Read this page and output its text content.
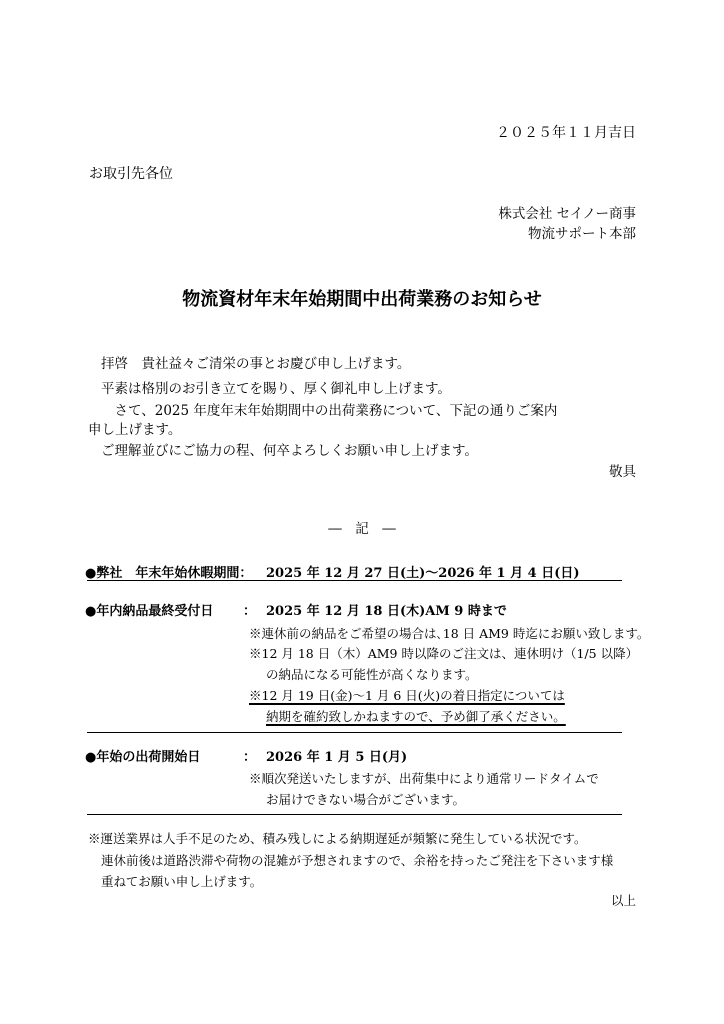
２０２５年１１月吉日
お取引先各位
株式会社 セイノー商事
物流サポート本部
物流資材年末年始期間中出荷業務のお知らせ
拝啓　貴社益々ご清栄の事とお慶び申し上げます。
平素は格別のお引き立てを賜り、厚く御礼申し上げます。
　さて、2025 年度年末年始期間中の出荷業務について、下記の通りご案内
申し上げます。
ご理解並びにご協力の程、何卒よろしくお願い申し上げます。
敬具
―　記　―
●弊社　年末年始休暇期間： 2025 年 12 月 27 日(土)～2026 年 1 月 4 日(日)
●年内納品最終受付日 ： 2025 年 12 月 18 日(木)AM 9 時まで
※連休前の納品をご希望の場合は､18 日 AM9 時迄にお願い致します。
※12 月 18 日（木）AM9 時以降のご注文は、連休明け（1/5 以降）
の納品になる可能性が高くなります。
※12 月 19 日(金)～1 月 6 日(火)の着日指定については
納期を確約致しかねますので、予め御了承ください。
●年始の出荷開始日	： 2026 年 1 月 5 日(月)
※順次発送いたしますが、出荷集中により通常リードタイムで
お届けできない場合がございます。
※運送業界は人手不足のため、積み残しによる納期遅延が頻繁に発生している状況です。
連休前後は道路渋滞や荷物の混雑が予想されますので、余裕を持ったご発注を下さいます様
重ねてお願い申し上げます。
以上
